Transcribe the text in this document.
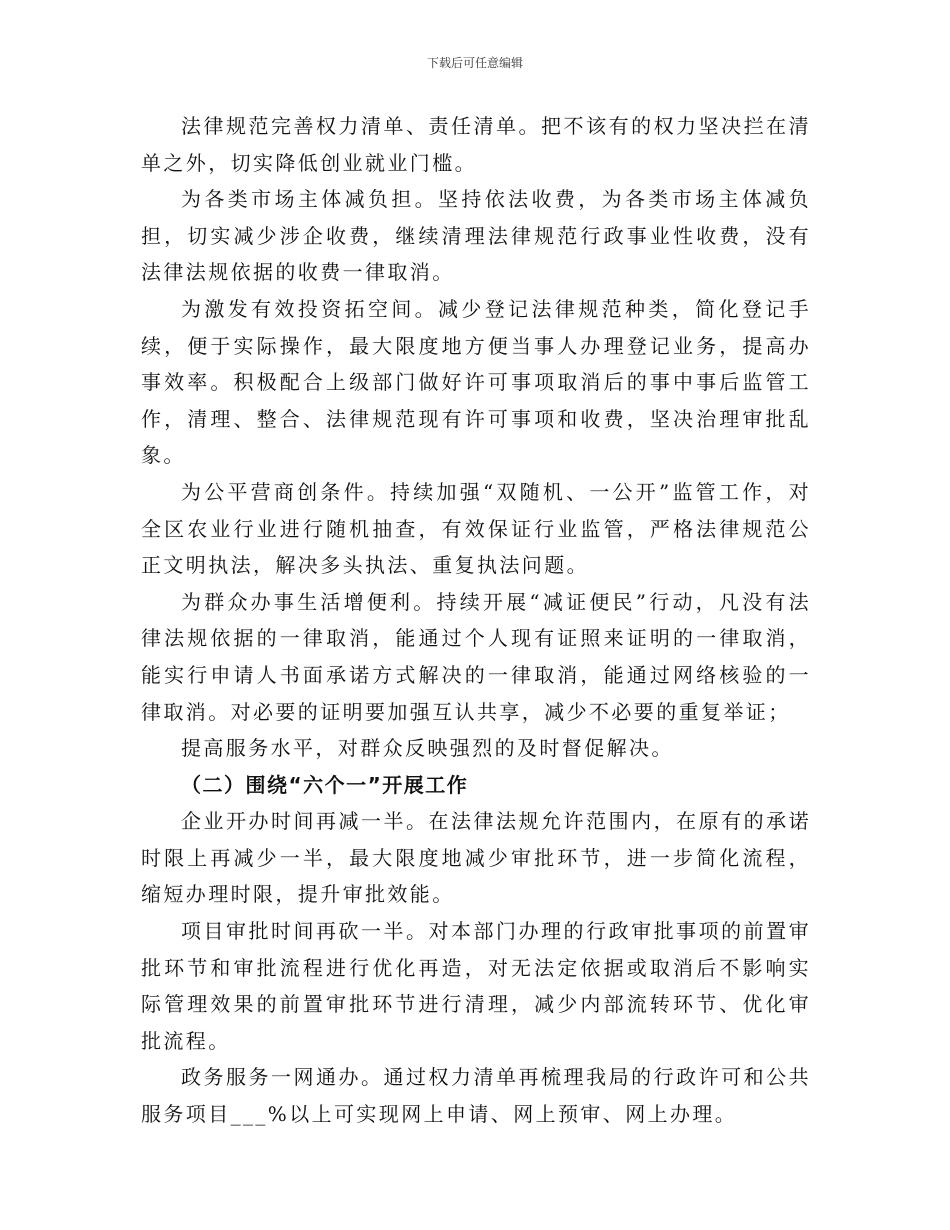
下载后可任意编辑

法律规范完善权力清单、责任清单。把不该有的权力坚决拦在清单之外，切实降低创业就业门槛。

为各类市场主体减负担。坚持依法收费，为各类市场主体减负担，切实减少涉企收费，继续清理法律规范行政事业性收费，没有法律法规依据的收费一律取消。

为激发有效投资拓空间。减少登记法律规范种类，简化登记手续，便于实际操作，最大限度地方便当事人办理登记业务，提高办事效率。积极配合上级部门做好许可事项取消后的事中事后监管工作，清理、整合、法律规范现有许可事项和收费，坚决治理审批乱象。

为公平营商创条件。持续加强“双随机、一公开”监管工作，对全区农业行业进行随机抽查，有效保证行业监管，严格法律规范公正文明执法，解决多头执法、重复执法问题。

为群众办事生活增便利。持续开展“减证便民”行动，凡没有法律法规依据的一律取消，能通过个人现有证照来证明的一律取消，能实行申请人书面承诺方式解决的一律取消，能通过网络核验的一律取消。对必要的证明要加强互认共享，减少不必要的重复举证；

提高服务水平，对群众反映强烈的及时督促解决。

（二）围绕“六个一”开展工作

企业开办时间再减一半。在法律法规允许范围内，在原有的承诺时限上再减少一半，最大限度地减少审批环节，进一步简化流程，缩短办理时限，提升审批效能。

项目审批时间再砍一半。对本部门办理的行政审批事项的前置审批环节和审批流程进行优化再造，对无法定依据或取消后不影响实际管理效果的前置审批环节进行清理，减少内部流转环节、优化审批流程。

政务服务一网通办。通过权力清单再梳理我局的行政许可和公共服务项目___%以上可实现网上申请、网上预审、网上办理。
